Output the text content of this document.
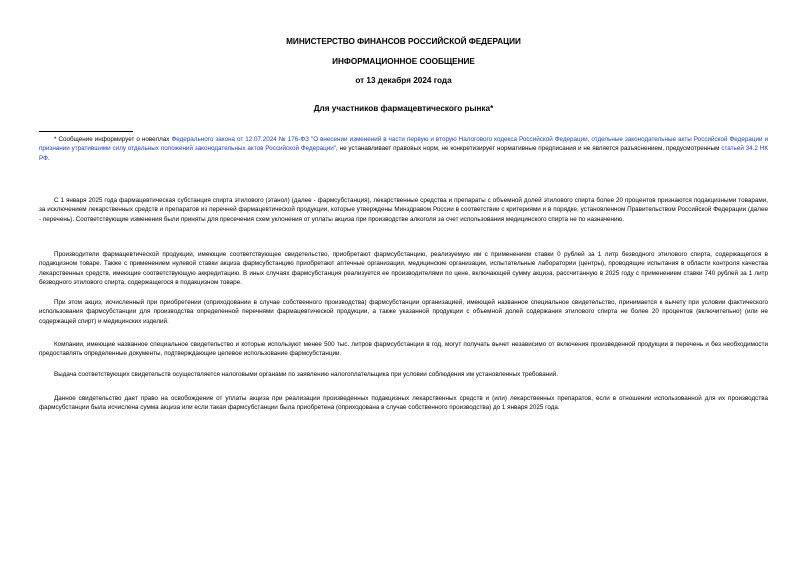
МИНИСТЕРСТВО ФИНАНСОВ РОССИЙСКОЙ ФЕДЕРАЦИИ
ИНФОРМАЦИОННОЕ СООБЩЕНИЕ
от 13 декабря 2024 года
Для участников фармацевтического рынка*
* Сообщение информирует о новеллах Федерального закона от 12.07.2024 № 176-ФЗ "О внесении изменений в части первую и вторую Налогового кодекса Российской Федерации, отдельные законодательные акты Российской Федерации и признании утратившими силу отдельных положений законодательных актов Российской Федерации", не устанавливает правовых норм, не конкретизирует нормативные предписания и не является разъяснением, предусмотренным статьей 34.2 НК РФ.
С 1 января 2025 года фармацевтическая субстанция спирта этилового (этанол) (далее - фармсубстанция), лекарственные средства и препараты с объемной долей этилового спирта более 20 процентов признаются подакцизными товарами, за исключением лекарственных средств и препаратов из перечней фармацевтической продукции, которые утверждены Минздравом России в соответствии с критериями и в порядке, установленном Правительством Российской Федерации (далее - перечень). Соответствующие изменения были приняты для пресечения схем уклонения от уплаты акциза при производстве алкоголя за счет использования медицинского спирта не по назначению.
Производители фармацевтической продукции, имеющие соответствующее свидетельство, приобретают фармсубстанцию, реализуемую им с применением ставки 0 рублей за 1 литр безводного этилового спирта, содержащегося в подакцизном товаре. Также с применением нулевой ставки акциза фармсубстанцию приобретают аптечные организации, медицинские организации, испытательные лаборатории (центры), проводящие испытания в области контроля качества лекарственных средств, имеющие соответствующую аккредитацию. В иных случаях фармсубстанция реализуется ее производителями по цене, включающей сумму акциза, рассчитанную в 2025 году с применением ставки 740 рублей за 1 литр безводного этилового спирта, содержащегося в подакцизном товаре.
При этом акциз, исчисленный при приобретении (оприходовании в случае собственного производства) фармсубстанции организацией, имеющей названное специальное свидетельство, принимается к вычету при условии фактического использования фармсубстанции для производства определенной перечнями фармацевтической продукции, а также указанной продукции с объемной долей содержания этилового спирта не более 20 процентов (включительно) (или не содержащей спирт) и медицинских изделий.
Компании, имеющие названное специальное свидетельство и которые используют менее 500 тыс. литров фармсубстанции в год, могут получать вычет независимо от включения произведенной продукции в перечень и без необходимости предоставлять определенные документы, подтверждающие целевое использование фармсубстанции.
Выдача соответствующих свидетельств осуществляется налоговыми органами по заявлению налогоплательщика при условии соблюдения им установленных требований.
Данное свидетельство дает право на освобождение от уплаты акциза при реализации произведенных подакцизных лекарственных средств и (или) лекарственных препаратов, если в отношении использованной для их производства фармсубстанции была исчислена сумма акциза или если такая фармсубстанции была приобретена (оприходована в случае собственного производства) до 1 января 2025 года.
